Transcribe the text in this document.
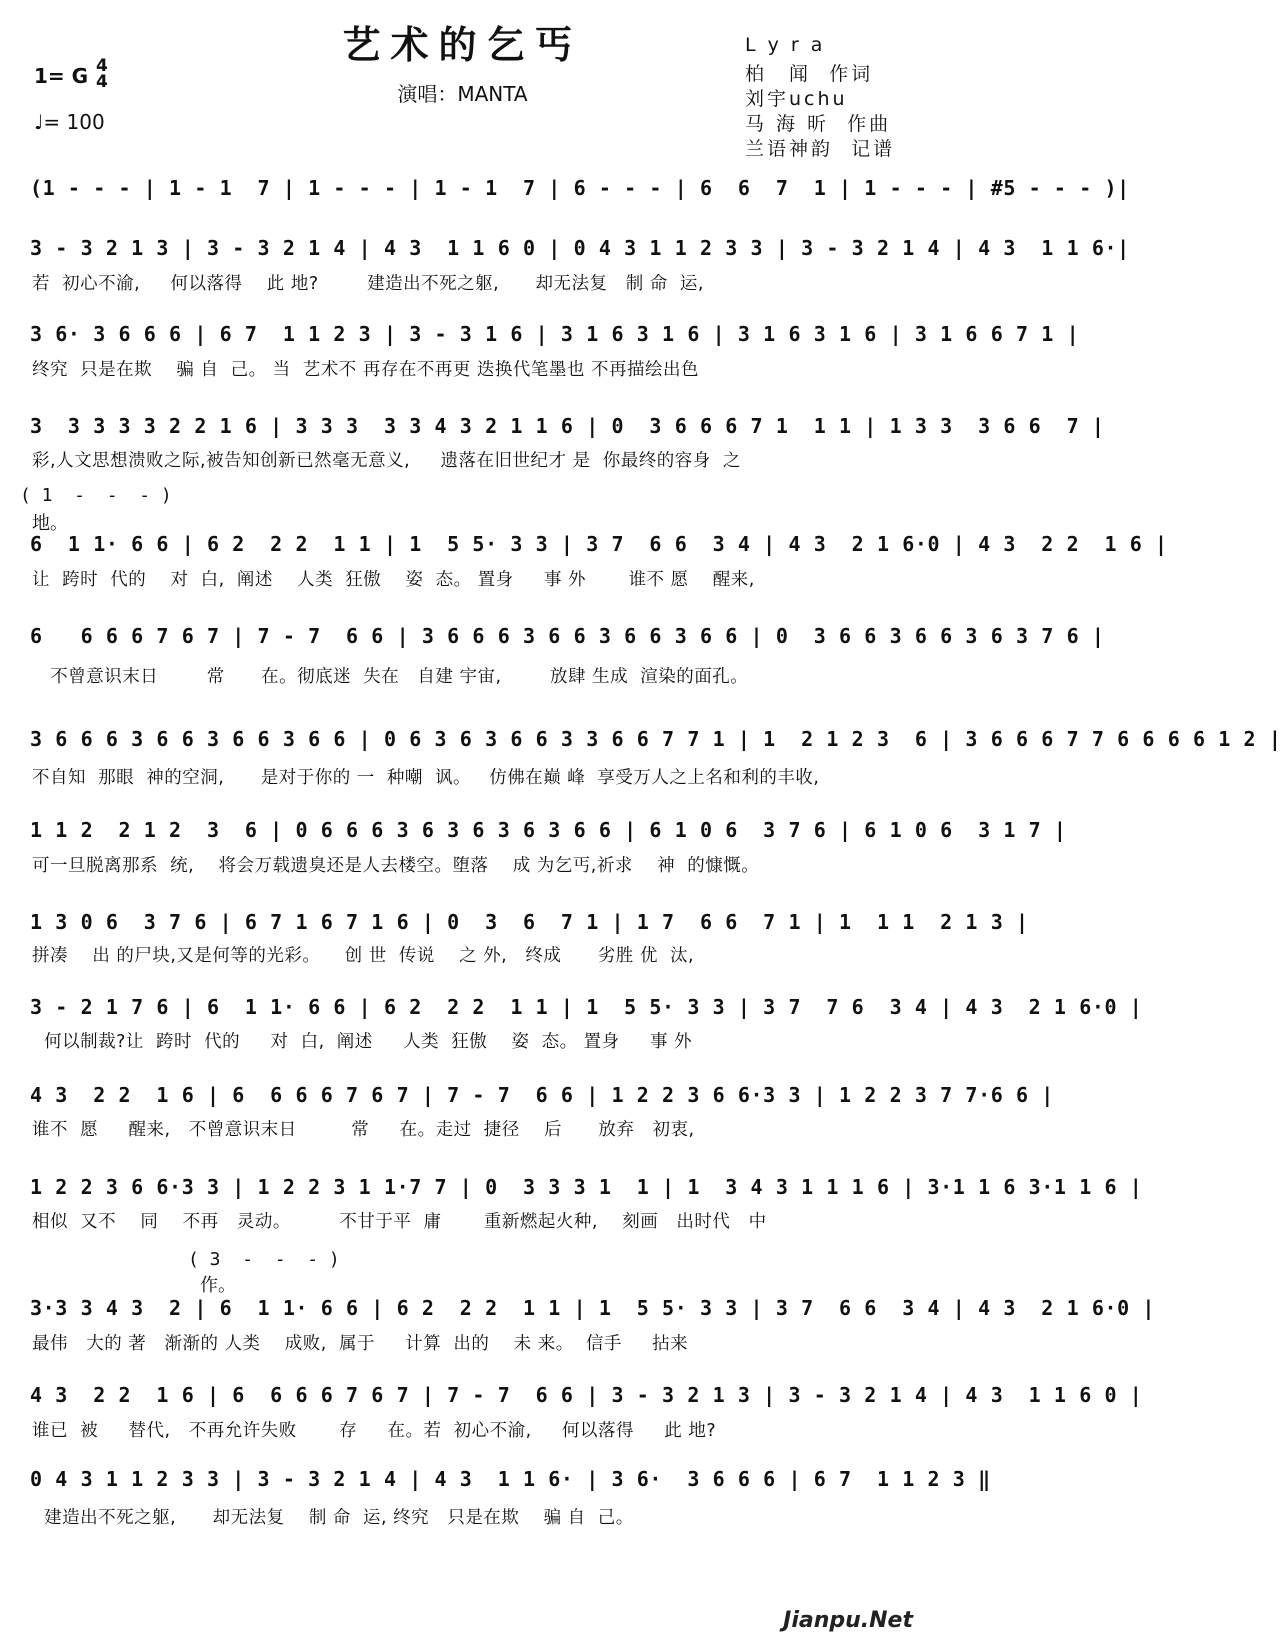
艺术的乞丐
演唱：MANTA
1= G 4
4
♩= 100
L y r a
柏　闻  作词
刘宇uchu
马 海 昕  作曲
兰语神韵  记谱
(1 - - - | 1 - 1  7 | 1 - - - | 1 - 1  7 | 6 - - - | 6  6  7  1 | 1 - - - | #5 - - - )|
3 - 3 2 1 3 | 3 - 3 2 1 4 | 4 3  1 1 6 0 | 0 4 3 1 1 2 3 3 | 3 - 3 2 1 4 | 4 3  1 1 6·|
若  初心不渝,     何以落得    此 地?        建造出不死之躯,      却无法复   制 命  运,
3 6· 3 6 6 6 | 6 7  1 1 2 3 | 3 - 3 1 6 | 3 1 6 3 1 6 | 3 1 6 3 1 6 | 3 1 6 6 7 1 |
终究  只是在欺    骗 自  己。 当  艺术不 再存在不再更 迭换代笔墨也 不再描绘出色
3  3 3 3 3 2 2 1 6 | 3 3 3  3 3 4 3 2 1 1 6 | 0  3 6 6 6 7 1  1 1 | 1 3 3  3 6 6  7 |
彩,人文思想溃败之际,被告知创新已然毫无意义,     遗落在旧世纪才 是  你最终的容身  之
( 1  -  -  - )
地。
6  1 1· 6 6 | 6 2  2 2  1 1 | 1  5 5· 3 3 | 3 7  6 6  3 4 | 4 3  2 1 6·0 | 4 3  2 2  1 6 |
让  跨时  代的    对  白,  阐述    人类  狂傲    姿  态。 置身     事 外       谁不 愿    醒来,
6   6 6 6 7 6 7 | 7 - 7  6 6 | 3 6 6 6 3 6 6 3 6 6 3 6 6 | 0  3 6 6 3 6 6 3 6 3 7 6 |
不曾意识末日        常      在。彻底迷  失在   自建 宇宙,        放肆 生成  渲染的面孔。
3 6 6 6 3 6 6 3 6 6 3 6 6 | 0 6 3 6 3 6 6 3 3 6 6 7 7 1 | 1  2 1 2 3  6 | 3 6 6 6 7 7 6 6 6 6 1 2 |
不自知  那眼  神的空洞,      是对于你的 一  种嘲  讽。   仿佛在巅 峰  享受万人之上名和利的丰收,
1 1 2  2 1 2  3  6 | 0 6 6 6 3 6 3 6 3 6 3 6 6 | 6 1 0 6  3 7 6 | 6 1 0 6  3 1 7 |
可一旦脱离那系  统,    将会万载遗臭还是人去楼空。堕落    成 为乞丐,祈求    神  的慷慨。
1 3 0 6  3 7 6 | 6 7 1 6 7 1 6 | 0  3  6  7 1 | 1 7  6 6  7 1 | 1  1 1  2 1 3 |
拼凑    出 的尸块,又是何等的光彩。    创 世  传说    之 外,   终成      劣胜 优  汰,
3 - 2 1 7 6 | 6  1 1· 6 6 | 6 2  2 2  1 1 | 1  5 5· 3 3 | 3 7  7 6  3 4 | 4 3  2 1 6·0 |
何以制裁?让  跨时  代的     对  白,  阐述     人类  狂傲    姿  态。 置身     事 外
4 3  2 2  1 6 | 6  6 6 6 7 6 7 | 7 - 7  6 6 | 1 2 2 3 6 6·3 3 | 1 2 2 3 7 7·6 6 |
谁不  愿     醒来,   不曾意识末日         常     在。走过  捷径    后      放弃   初衷,
1 2 2 3 6 6·3 3 | 1 2 2 3 1 1·7 7 | 0  3 3 3 1  1 | 1  3 4 3 1 1 1 6 | 3·1 1 6 3·1 1 6 |
相似  又不    同    不再   灵动。        不甘于平  庸       重新燃起火种,    刻画   出时代   中
( 3  -  -  - )
作。
3·3 3 4 3  2 | 6  1 1· 6 6 | 6 2  2 2  1 1 | 1  5 5· 3 3 | 3 7  6 6  3 4 | 4 3  2 1 6·0 |
最伟   大的 著   渐渐的 人类    成败,  属于     计算  出的    未 来。  信手     拈来
4 3  2 2  1 6 | 6  6 6 6 7 6 7 | 7 - 7  6 6 | 3 - 3 2 1 3 | 3 - 3 2 1 4 | 4 3  1 1 6 0 |
谁已  被     替代,   不再允许失败       存     在。若  初心不渝,     何以落得     此 地?
0 4 3 1 1 2 3 3 | 3 - 3 2 1 4 | 4 3  1 1 6· | 3 6·  3 6 6 6 | 6 7  1 1 2 3 ‖
建造出不死之躯,      却无法复    制 命  运, 终究   只是在欺    骗 自  己。
Jianpu.Net
